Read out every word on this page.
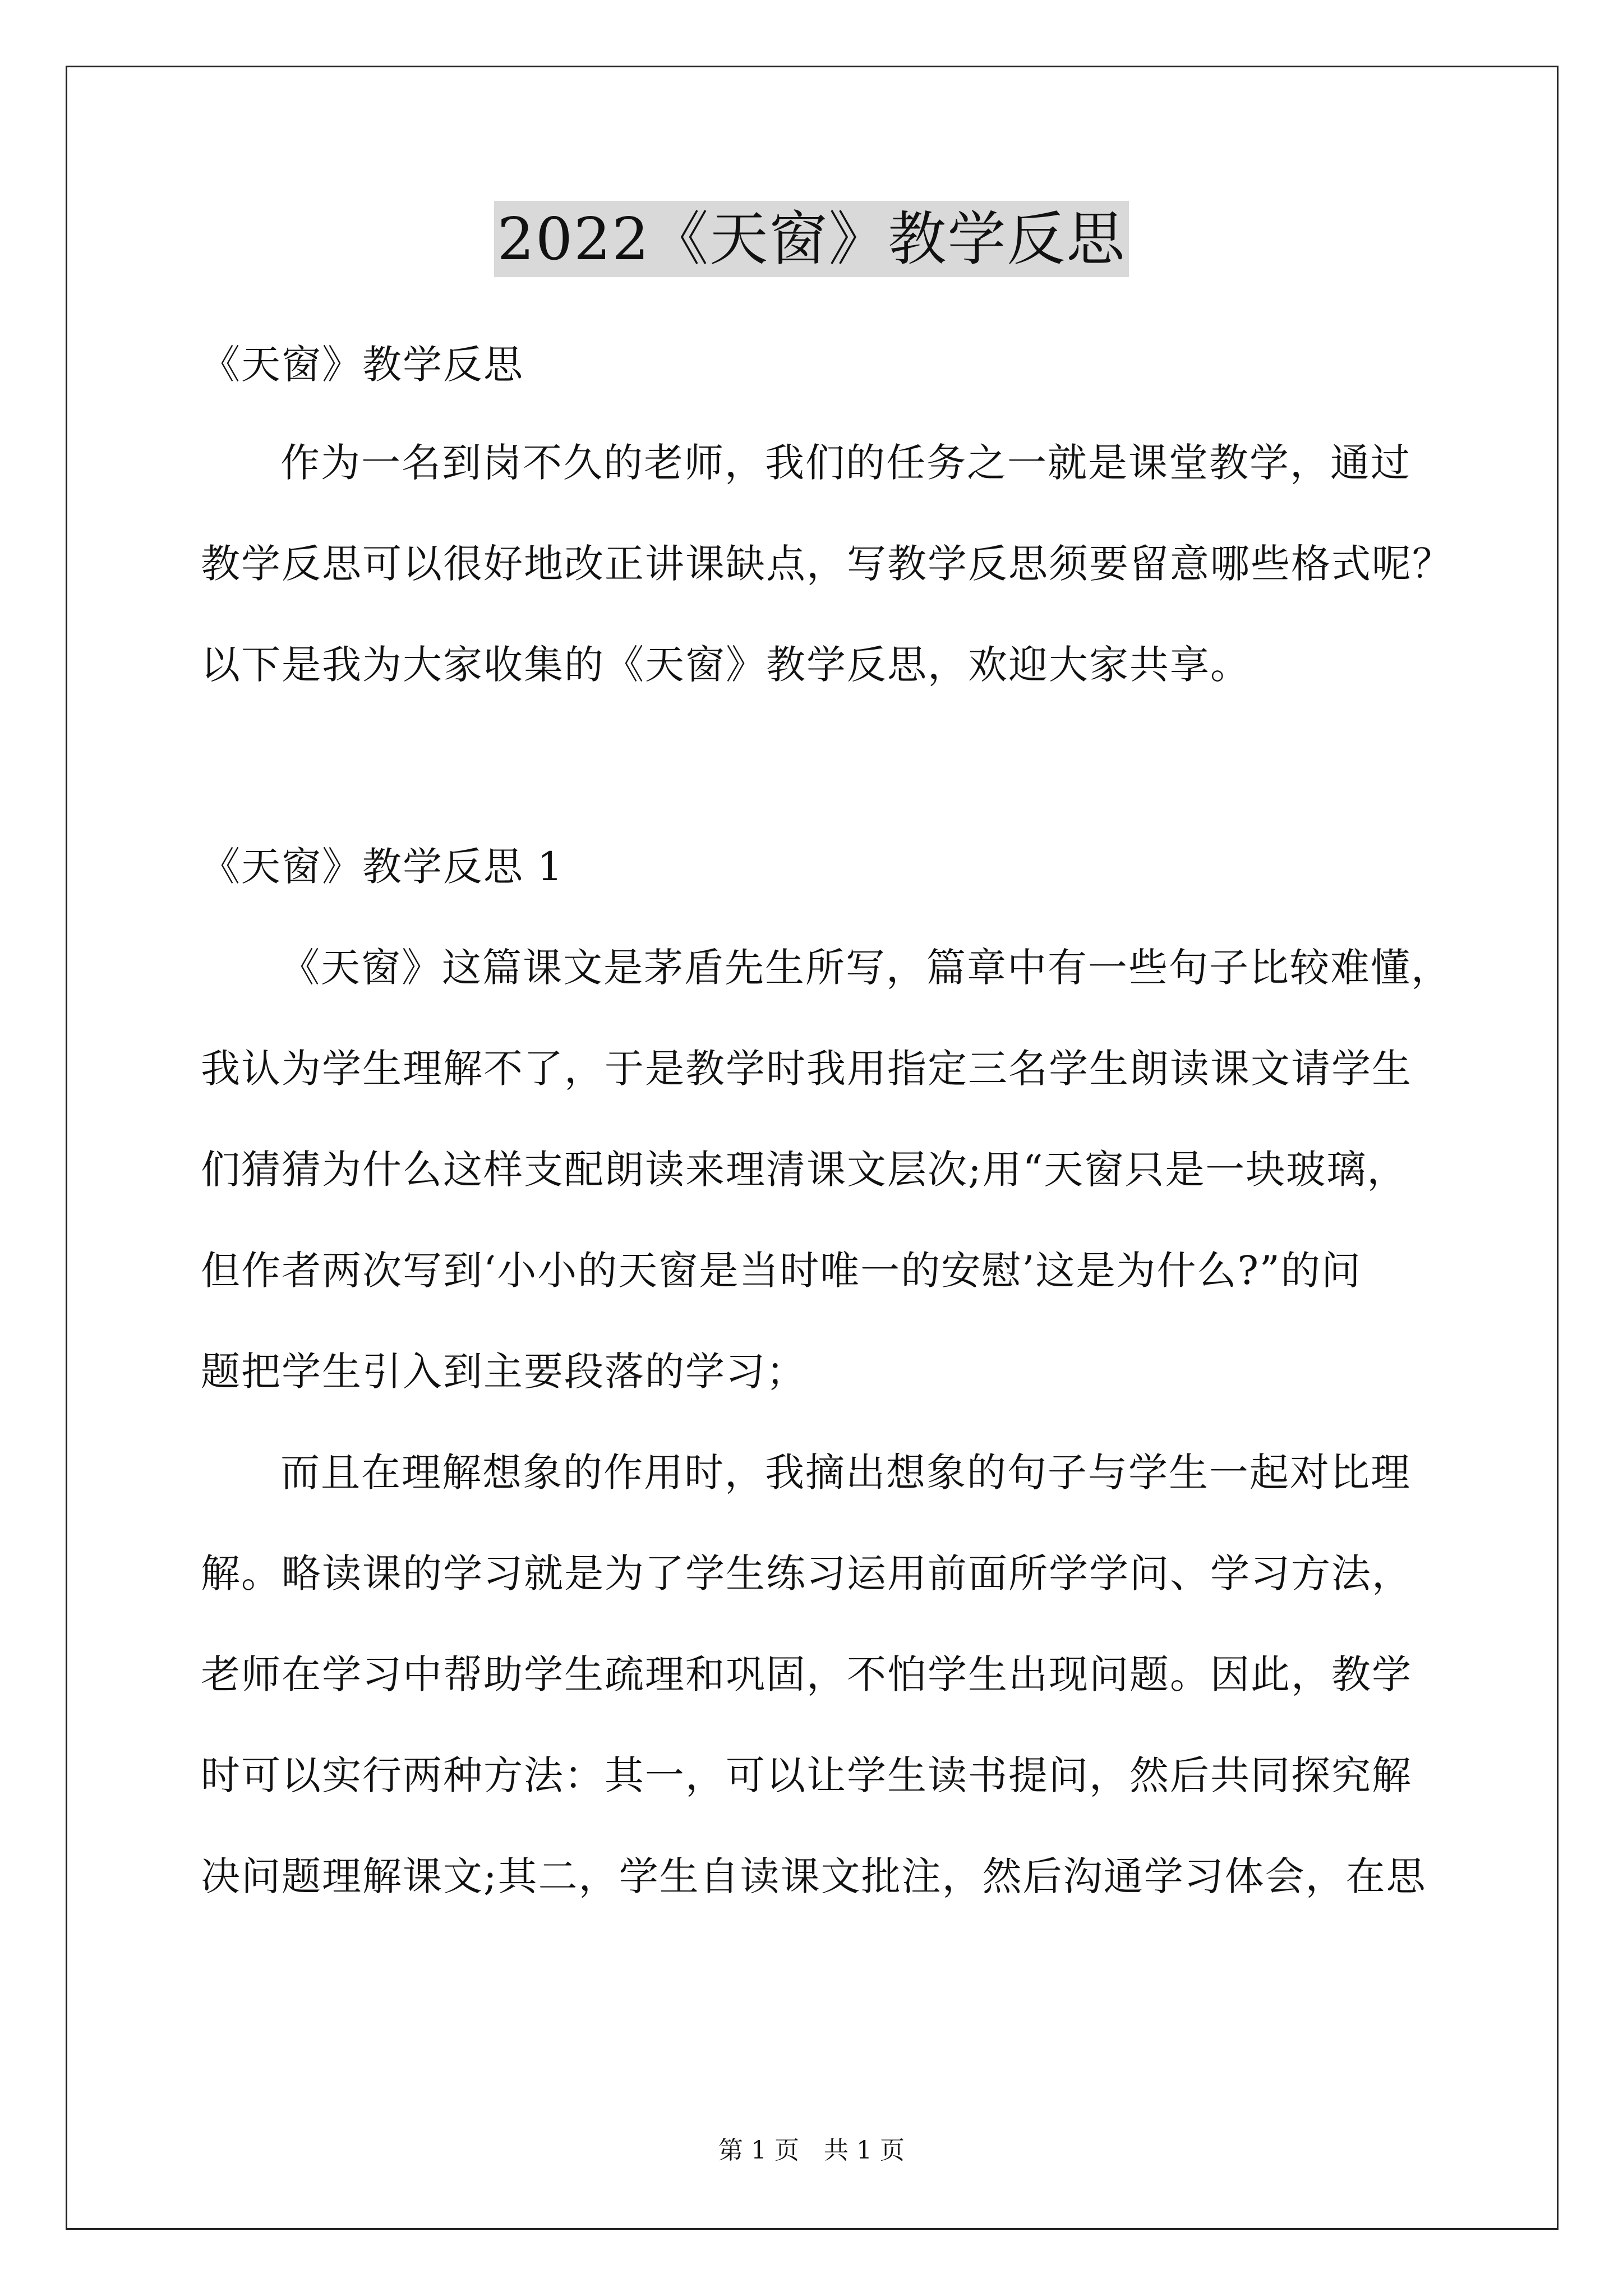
2022《天窗》教学反思
《天窗》教学反思
作为一名到岗不久的老师，我们的任务之一就是课堂教学，通过
教学反思可以很好地改正讲课缺点，写教学反思须要留意哪些格式呢？
以下是我为大家收集的《天窗》教学反思，欢迎大家共享。
《天窗》教学反思 1
《天窗》这篇课文是茅盾先生所写，篇章中有一些句子比较难懂，
我认为学生理解不了，于是教学时我用指定三名学生朗读课文请学生
们猜猜为什么这样支配朗读来理清课文层次;用“天窗只是一块玻璃，
但作者两次写到‘小小的天窗是当时唯一的安慰’这是为什么?”的问
题把学生引入到主要段落的学习；
而且在理解想象的作用时，我摘出想象的句子与学生一起对比理
解。略读课的学习就是为了学生练习运用前面所学学问、学习方法，
老师在学习中帮助学生疏理和巩固，不怕学生出现问题。因此，教学
时可以实行两种方法：其一，可以让学生读书提问，然后共同探究解
决问题理解课文;其二，学生自读课文批注，然后沟通学习体会，在思
第 1 页　共 1 页
